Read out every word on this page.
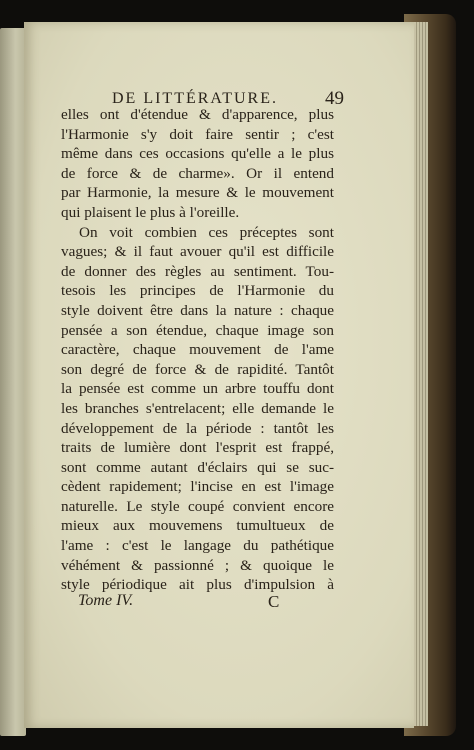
DE LITTÉRATURE. 49
elles ont d'étendue & d'apparence, plus
l'Harmonie s'y doit faire sentir ; c'est
même dans ces occasions qu'elle a le plus
de force & de charme». Or il entend
par Harmonie, la mesure & le mouvement
qui plaisent le plus à l'oreille.
On voit combien ces préceptes sont
vagues; & il faut avouer qu'il est difficile
de donner des règles au sentiment. Tou-
tesois les principes de l'Harmonie du
style doivent être dans la nature : chaque
pensée a son étendue, chaque image son
caractère, chaque mouvement de l'ame
son degré de force & de rapidité. Tantôt
la pensée est comme un arbre touffu dont
les branches s'entrelacent; elle demande le
développement de la période : tantôt les
traits de lumière dont l'esprit est frappé,
sont comme autant d'éclairs qui se suc-
cèdent rapidement; l'incise en est l'image
naturelle. Le style coupé convient encore
mieux aux mouvemens tumultueux de
l'ame : c'est le langage du pathétique
véhément & passionné ; & quoique le
style périodique ait plus d'impulsion à
Tome IV.	C
